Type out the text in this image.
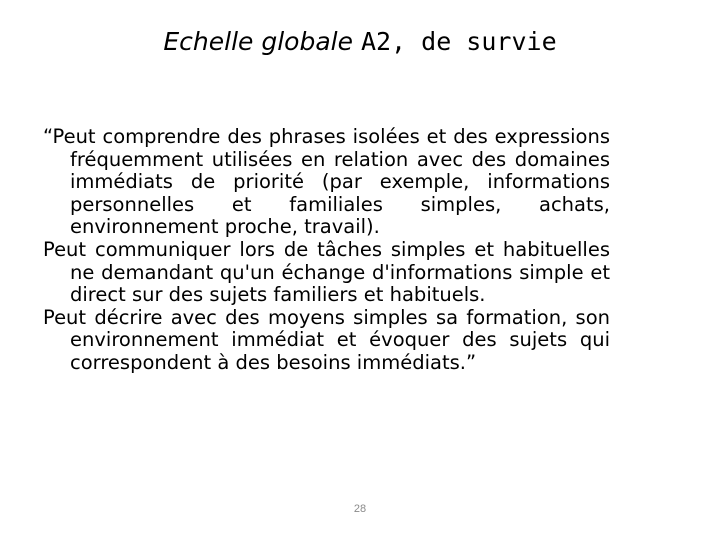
Echelle globale A2, de survie

“Peut comprendre des phrases isolées et des expressions fréquemment utilisées en relation avec des domaines immédiats de priorité (par exemple, informations personnelles et familiales simples, achats, environnement proche, travail).

Peut communiquer lors de tâches simples et habituelles ne demandant qu'un échange d'informations simple et direct sur des sujets familiers et habituels.

Peut décrire avec des moyens simples sa formation, son environnement immédiat et évoquer des sujets qui correspondent à des besoins immédiats.”

28
